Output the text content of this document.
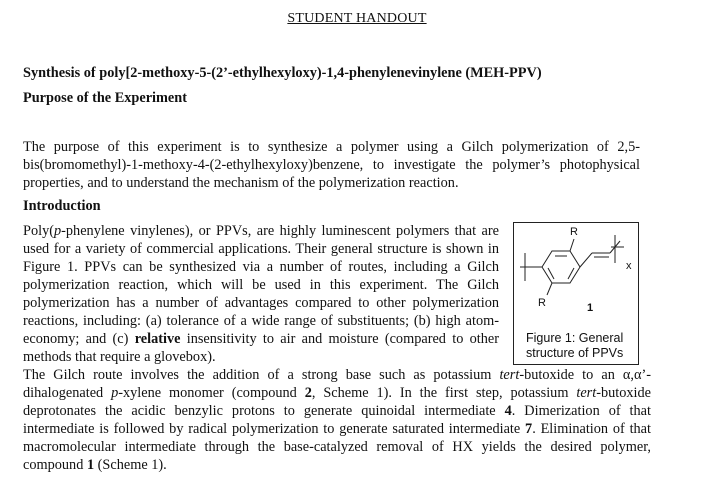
STUDENT HANDOUT
Synthesis of poly[2-methoxy-5-(2’-ethylhexyloxy)-1,4-phenylenevinylene (MEH-PPV)
Purpose of the Experiment

The purpose of this experiment is to synthesize a polymer using a Gilch polymerization of 2,5-bis(bromomethyl)-1-methoxy-4-(2-ethylhexyloxy)benzene, to investigate the polymer’s photophysical properties, and to understand the mechanism of the polymerization reaction.

Introduction

Poly(p-phenylene vinylenes), or PPVs, are highly luminescent polymers that are used for a variety of commercial applications. Their general structure is shown in Figure 1. PPVs can be synthesized via a number of routes, including a Gilch polymerization reaction, which will be used in this experiment. The Gilch polymerization has a number of advantages compared to other polymerization reactions, including: (a) tolerance of a wide range of substituents; (b) high atom-economy; and (c) relative insensitivity to air and moisture (compared to other methods that require a glovebox).

R
R
x
1
Figure 1: General structure of PPVs

The Gilch route involves the addition of a strong base such as potassium tert-butoxide to an α,α’-dihalogenated p-xylene monomer (compound 2, Scheme 1). In the first step, potassium tert-butoxide deprotonates the acidic benzylic protons to generate quinoidal intermediate 4. Dimerization of that intermediate is followed by radical polymerization to generate saturated intermediate 7. Elimination of that macromolecular intermediate through the base-catalyzed removal of HX yields the desired polymer, compound 1 (Scheme 1).
